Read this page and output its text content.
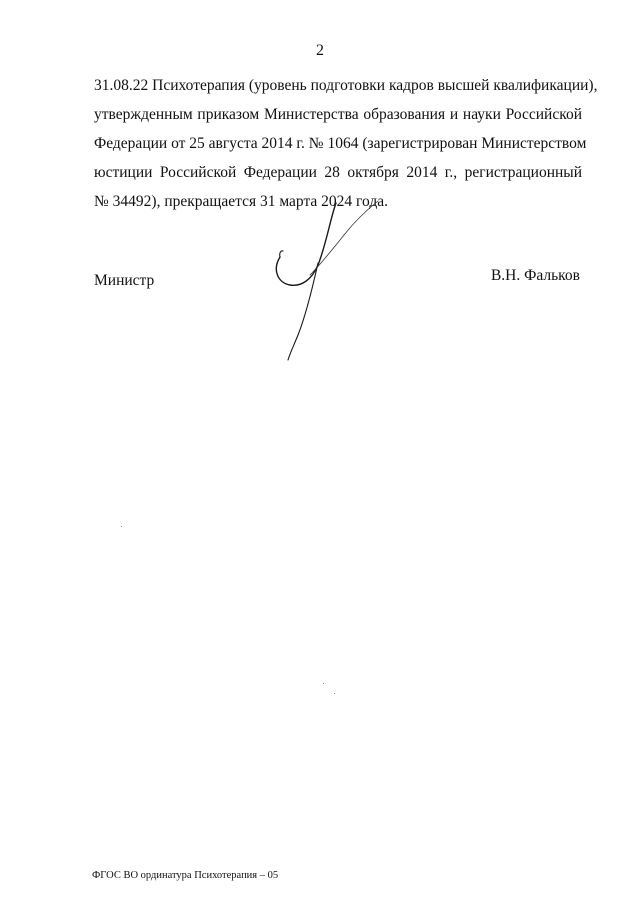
2
31.08.22 Психотерапия (уровень подготовки кадров высшей квалификации),
утвержденным приказом Министерства образования и науки Российской
Федерации от 25 августа 2014 г. № 1064 (зарегистрирован Министерством
юстиции Российской Федерации 28 октября 2014 г., регистрационный
№ 34492), прекращается 31 марта 2024 года.
Министр	В.Н. Фальков
ФГОС ВО ординатура Психотерапия – 05
